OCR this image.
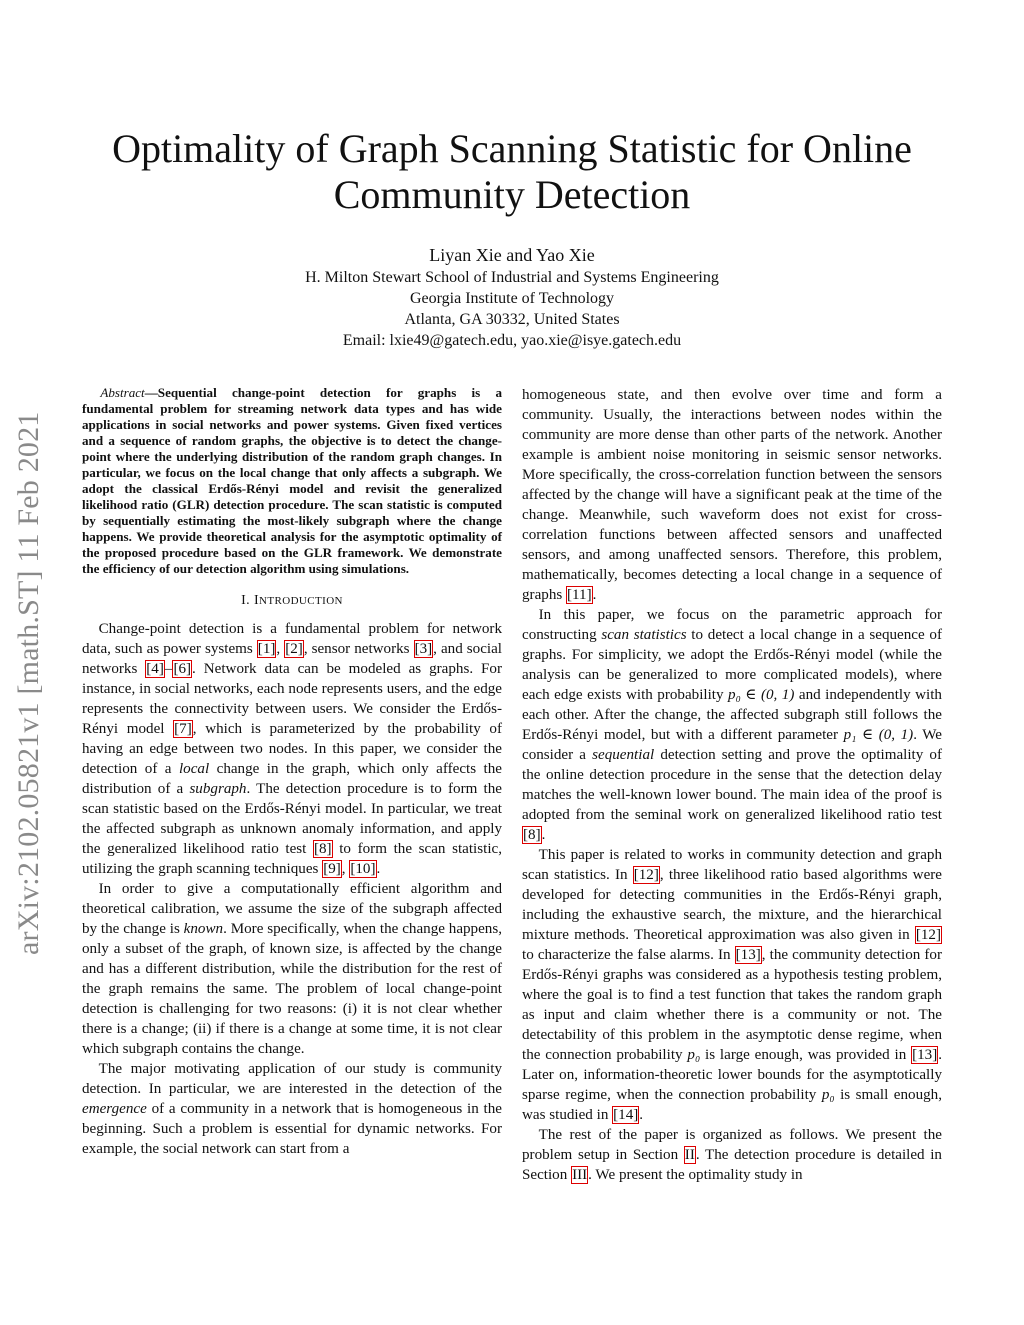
arXiv:2102.05821v1 [math.ST] 11 Feb 2021
Optimality of Graph Scanning Statistic for Online
Community Detection
Liyan Xie and Yao Xie
H. Milton Stewart School of Industrial and Systems Engineering
Georgia Institute of Technology
Atlanta, GA 30332, United States
Email: lxie49@gatech.edu, yao.xie@isye.gatech.edu
Abstract—Sequential change-point detection for graphs is a fundamental problem for streaming network data types and has wide applications in social networks and power systems. Given fixed vertices and a sequence of random graphs, the objective is to detect the change-point where the underlying distribution of the random graph changes. In particular, we focus on the local change that only affects a subgraph. We adopt the classical Erdős-Rényi model and revisit the generalized likelihood ratio (GLR) detection procedure. The scan statistic is computed by sequentially estimating the most-likely subgraph where the change happens. We provide theoretical analysis for the asymptotic optimality of the proposed procedure based on the GLR framework. We demonstrate the efficiency of our detection algorithm using simulations.
I. INTRODUCTION

Change-point detection is a fundamental problem for network data, such as power systems [1], [2], sensor networks [3], and social networks [4]–[6]. Network data can be modeled as graphs. For instance, in social networks, each node represents users, and the edge represents the connectivity between users. We consider the Erdős-Rényi model [7], which is parameterized by the probability of having an edge between two nodes. In this paper, we consider the detection of a local change in the graph, which only affects the distribution of a subgraph. The detection procedure is to form the scan statistic based on the Erdős-Rényi model. In particular, we treat the affected subgraph as unknown anomaly information, and apply the generalized likelihood ratio test [8] to form the scan statistic, utilizing the graph scanning techniques [9], [10].

In order to give a computationally efficient algorithm and theoretical calibration, we assume the size of the subgraph affected by the change is known. More specifically, when the change happens, only a subset of the graph, of known size, is affected by the change and has a different distribution, while the distribution for the rest of the graph remains the same. The problem of local change-point detection is challenging for two reasons: (i) it is not clear whether there is a change; (ii) if there is a change at some time, it is not clear which subgraph contains the change.

The major motivating application of our study is community detection. In particular, we are interested in the detection of the emergence of a community in a network that is homogeneous in the beginning. Such a problem is essential for dynamic networks. For example, the social network can start from a

homogeneous state, and then evolve over time and form a community. Usually, the interactions between nodes within the community are more dense than other parts of the network. Another example is ambient noise monitoring in seismic sensor networks. More specifically, the cross-correlation function between the sensors affected by the change will have a significant peak at the time of the change. Meanwhile, such waveform does not exist for cross-correlation functions between affected sensors and unaffected sensors, and among unaffected sensors. Therefore, this problem, mathematically, becomes detecting a local change in a sequence of graphs [11].

In this paper, we focus on the parametric approach for constructing scan statistics to detect a local change in a sequence of graphs. For simplicity, we adopt the Erdős-Rényi model (while the analysis can be generalized to more complicated models), where each edge exists with probability p₀ ∈ (0, 1) and independently with each other. After the change, the affected subgraph still follows the Erdős-Rényi model, but with a different parameter p₁ ∈ (0, 1). We consider a sequential detection setting and prove the optimality of the online detection procedure in the sense that the detection delay matches the well-known lower bound. The main idea of the proof is adopted from the seminal work on generalized likelihood ratio test [8].

This paper is related to works in community detection and graph scan statistics. In [12], three likelihood ratio based algorithms were developed for detecting communities in the Erdős-Rényi graph, including the exhaustive search, the mixture, and the hierarchical mixture methods. Theoretical approximation was also given in [12] to characterize the false alarms. In [13], the community detection for Erdős-Rényi graphs was considered as a hypothesis testing problem, where the goal is to find a test function that takes the random graph as input and claim whether there is a community or not. The detectability of this problem in the asymptotic dense regime, when the connection probability p₀ is large enough, was provided in [13]. Later on, information-theoretic lower bounds for the asymptotically sparse regime, when the connection probability p₀ is small enough, was studied in [14].

The rest of the paper is organized as follows. We present the problem setup in Section II. The detection procedure is detailed in Section III. We present the optimality study in
